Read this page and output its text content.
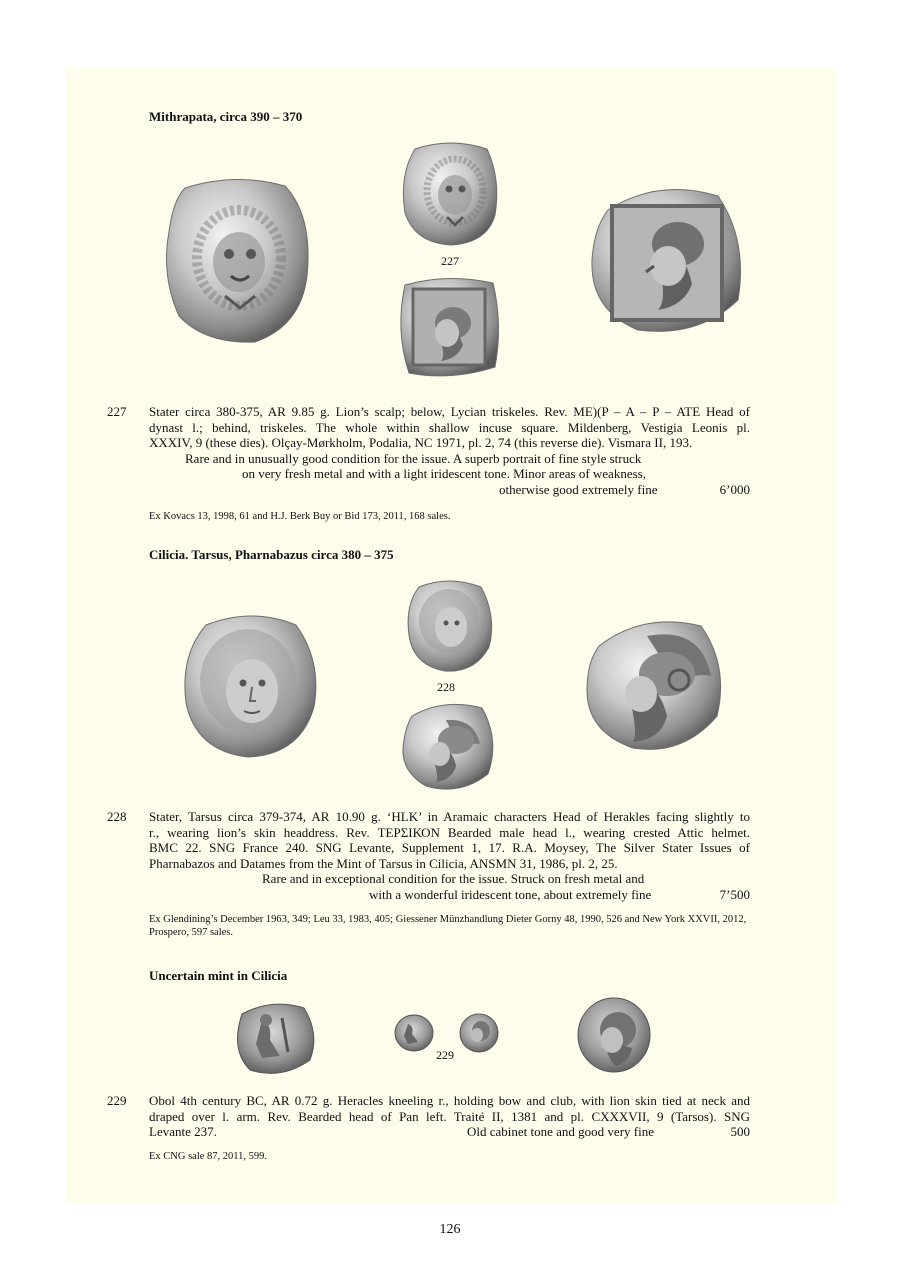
Mithrapata, circa 390 – 370
227
227 Stater circa 380-375, AR 9.85 g. Lion’s scalp; below, Lycian triskeles. Rev. ME)(P – A – P – ATE Head of
dynast l.; behind, triskeles. The whole within shallow incuse square. Mildenberg, Vestigia Leonis pl.
XXXIV, 9 (these dies). Olçay-Mørkholm, Podalia, NC 1971, pl. 2, 74 (this reverse die). Vismara II, 193.
Rare and in unusually good condition for the issue. A superb portrait of fine style struck
on very fresh metal and with a light iridescent tone. Minor areas of weakness,
otherwise good extremely fine	6’000
Ex Kovacs 13, 1998, 61 and H.J. Berk Buy or Bid 173, 2011, 168 sales.
Cilicia. Tarsus, Pharnabazus circa 380 – 375
228
228 Stater, Tarsus circa 379-374, AR 10.90 g. ‘HLK’ in Aramaic characters Head of Herakles facing slightly to
r., wearing lion’s skin headdress. Rev. ΤΕΡΣΙΚΟΝ Bearded male head l., wearing crested Attic helmet.
BMC 22. SNG France 240. SNG Levante, Supplement 1, 17. R.A. Moysey, The Silver Stater Issues of
Pharnabazos and Datames from the Mint of Tarsus in Cilicia, ANSMN 31, 1986, pl. 2, 25.
Rare and in exceptional condition for the issue. Struck on fresh metal and
with a wonderful iridescent tone, about extremely fine	7’500
Ex Glendining’s December 1963, 349; Leu 33, 1983, 405; Giessener Münzhandlung Dieter Gorny 48, 1990, 526 and New York XXVII, 2012, Prospero, 597 sales.
Uncertain mint in Cilicia
229
229 Obol 4th century BC, AR 0.72 g. Heracles kneeling r., holding bow and club, with lion skin tied at neck and
draped over l. arm. Rev. Bearded head of Pan left. Traité II, 1381 and pl. CXXXVII, 9 (Tarsos). SNG
Levante 237.	Old cabinet tone and good very fine	500
Ex CNG sale 87, 2011, 599.
126
